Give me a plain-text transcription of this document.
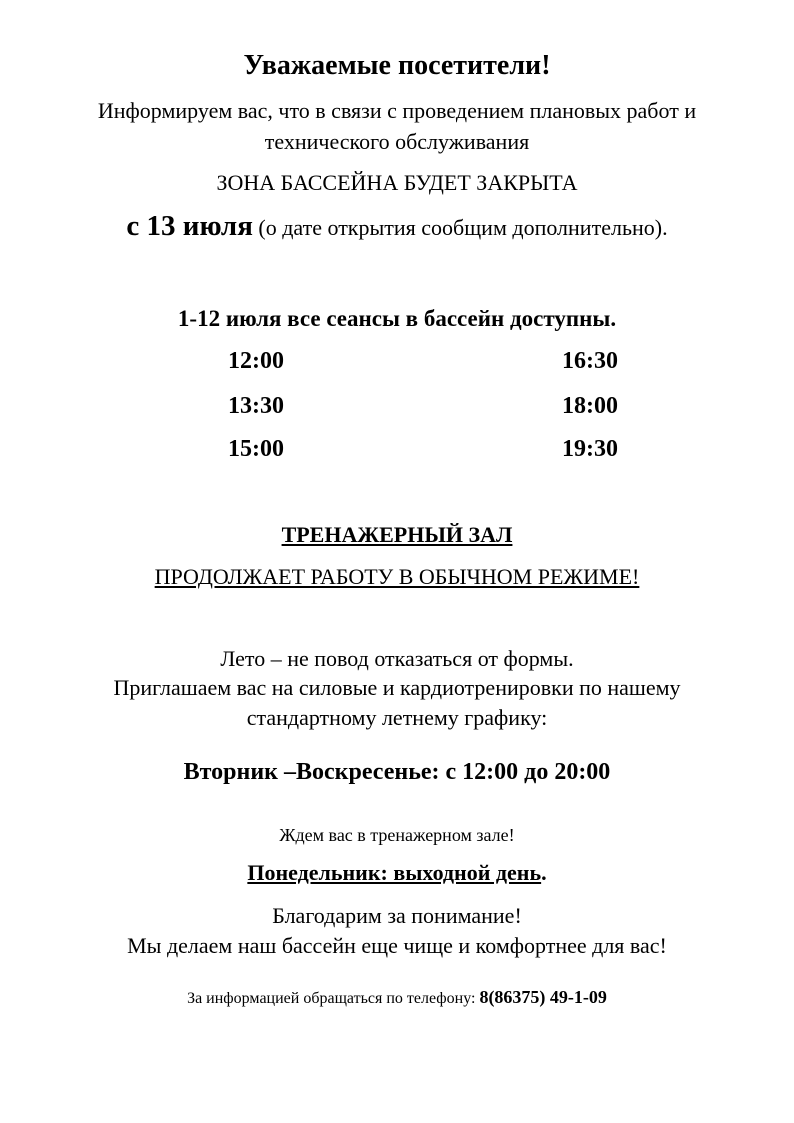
Уважаемые посетители!
Информируем вас, что в связи с проведением плановых работ и
технического обслуживания
ЗОНА БАССЕЙНА БУДЕТ ЗАКРЫТА
с 13 июля (о дате открытия сообщим дополнительно).
1-12 июля все сеансы в бассейн доступны.
12:00	16:30
13:30	18:00
15:00	19:30
ТРЕНАЖЕРНЫЙ ЗАЛ
ПРОДОЛЖАЕТ РАБОТУ В ОБЫЧНОМ РЕЖИМЕ!
Лето – не повод отказаться от формы.
Приглашаем вас на силовые и кардиотренировки по нашему
стандартному летнему графику:
Вторник –Воскресенье: с 12:00 до 20:00
Ждем вас в тренажерном зале!
Понедельник: выходной день.
Благодарим за понимание!
Мы делаем наш бассейн еще чище и комфортнее для вас!
За информацией обращаться по телефону: 8(86375) 49-1-09
